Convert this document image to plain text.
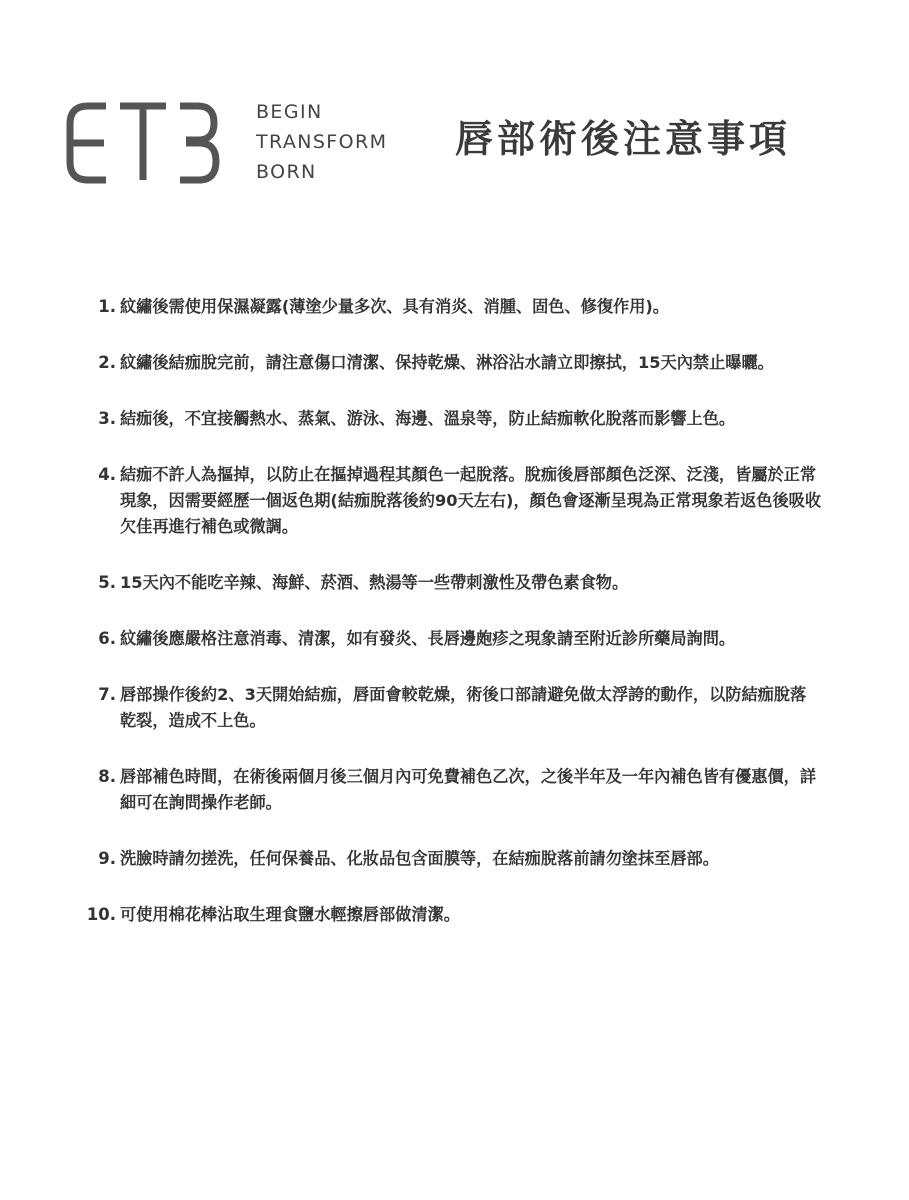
BEGIN
TRANSFORM
BORN
唇部術後注意事項
1. 紋繡後需使用保濕凝露(薄塗少量多次、具有消炎、消腫、固色、修復作用)。
2. 紋繡後結痂脫完前，請注意傷口清潔、保持乾燥、淋浴沾水請立即擦拭，15天內禁止曝曬。
3. 結痂後，不宜接觸熱水、蒸氣、游泳、海邊、溫泉等，防止結痂軟化脫落而影響上色。
4. 結痂不許人為摳掉，以防止在摳掉過程其顏色一起脫落。脫痂後唇部顏色泛深、泛淺，皆屬於正常現象，因需要經歷一個返色期(結痂脫落後約90天左右)，顏色會逐漸呈現為正常現象若返色後吸收欠佳再進行補色或微調。
5. 15天內不能吃辛辣、海鮮、菸酒、熱湯等一些帶刺激性及帶色素食物。
6. 紋繡後應嚴格注意消毒、清潔，如有發炎、長唇邊皰疹之現象請至附近診所藥局詢問。
7. 唇部操作後約2、3天開始結痂，唇面會較乾燥，術後口部請避免做太浮誇的動作，以防結痂脫落乾裂，造成不上色。
8. 唇部補色時間，在術後兩個月後三個月內可免費補色乙次，之後半年及一年內補色皆有優惠價，詳細可在詢問操作老師。
9. 洗臉時請勿搓洗，任何保養品、化妝品包含面膜等，在結痂脫落前請勿塗抹至唇部。
10. 可使用棉花棒沾取生理食鹽水輕擦唇部做清潔。
